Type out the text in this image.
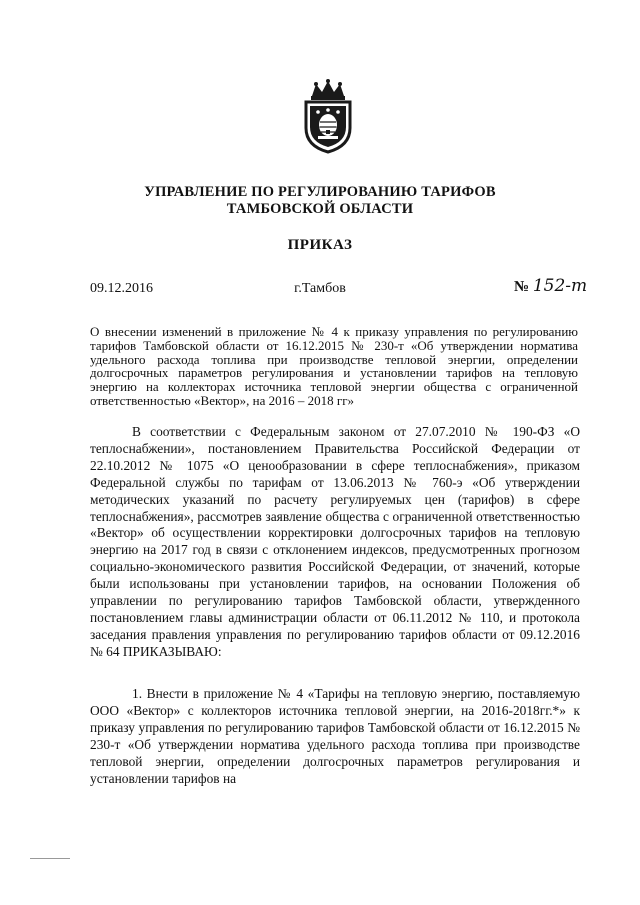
УПРАВЛЕНИЕ ПО РЕГУЛИРОВАНИЮ ТАРИФОВ
ТАМБОВСКОЙ ОБЛАСТИ
ПРИКАЗ
09.12.2016	г.Тамбов	№ 152-т
О внесении изменений в приложение № 4 к приказу управления по регулированию тарифов Тамбовской области от 16.12.2015 № 230-т «Об утверждении норматива удельного расхода топлива при производстве тепловой энергии, определении долгосрочных параметров регулирования и установлении тарифов на тепловую энергию на коллекторах источника тепловой энергии общества с ограниченной ответственностью «Вектор», на 2016 – 2018 гг»

В соответствии с Федеральным законом от 27.07.2010 № 190-ФЗ «О теплоснабжении», постановлением Правительства Российской Федерации от 22.10.2012 № 1075 «О ценообразовании в сфере теплоснабжения», приказом Федеральной службы по тарифам от 13.06.2013 № 760-э «Об утверждении методических указаний по расчету регулируемых цен (тарифов) в сфере теплоснабжения», рассмотрев заявление общества с ограниченной ответственностью «Вектор» об осуществлении корректировки долгосрочных тарифов на тепловую энергию на 2017 год в связи с отклонением индексов, предусмотренных прогнозом социально-экономического развития Российской Федерации, от значений, которые были использованы при установлении тарифов, на основании Положения об управлении по регулированию тарифов Тамбовской области, утвержденного постановлением главы администрации области от 06.11.2012 № 110, и протокола заседания правления управления по регулированию тарифов области от 09.12.2016 № 64 ПРИКАЗЫВАЮ:

1. Внести в приложение № 4 «Тарифы на тепловую энергию, поставляемую ООО «Вектор» с коллекторов источника тепловой энергии, на 2016-2018гг.*» к приказу управления по регулированию тарифов Тамбовской области от 16.12.2015 № 230-т «Об утверждении норматива удельного расхода топлива при производстве тепловой энергии, определении долгосрочных параметров регулирования и установлении тарифов на
